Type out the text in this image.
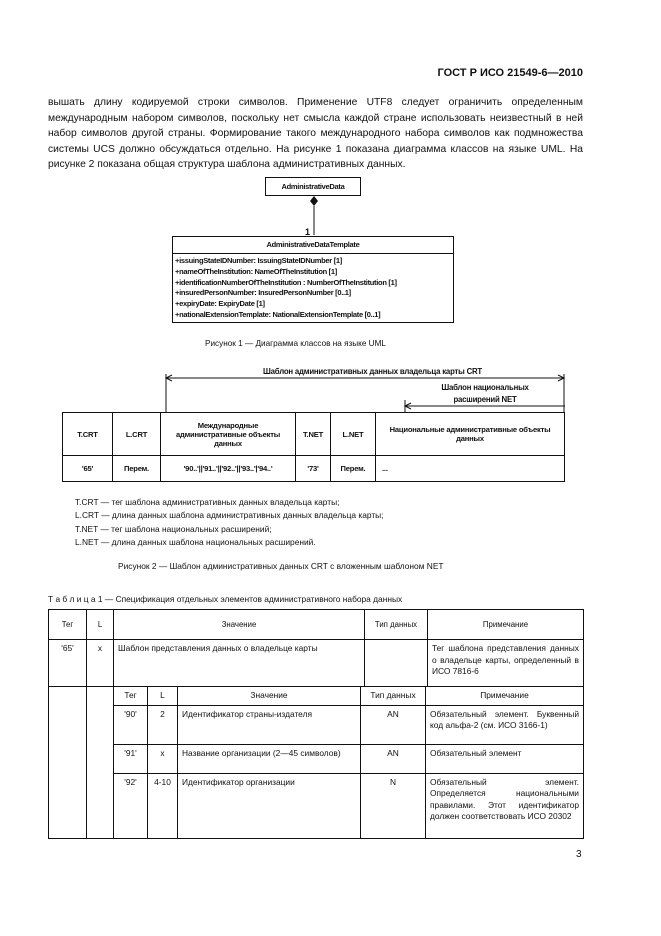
ГОСТ Р ИСО 21549-6—2010

вышать длину кодируемой строки символов. Применение UTF8 следует ограничить определенным международным набором символов, поскольку нет смысла каждой стране использовать неизвестный в ней набор символов другой страны. Формирование такого международного набора символов как подмножества системы UCS должно обсуждаться отдельно. На рисунке 1 показана диаграмма классов на языке UML. На рисунке 2 показана общая структура шаблона административных данных.

AdministrativeData
1
AdministrativeDataTemplate
+issuingStateIDNumber: IssuingStateIDNumber [1]
+nameOfTheInstitution: NameOfTheInstitution [1]
+identificationNumberOfTheInstitution : NumberOfTheInstitution [1]
+insuredPersonNumber: InsuredPersonNumber [0..1]
+expiryDate: ExpiryDate [1]
+nationalExtensionTemplate: NationalExtensionTemplate [0..1]
Рисунок 1 — Диаграмма классов на языке UML
Шаблон административных данных владельца карты CRT
Шаблон национальных
расширений NET
T.CRT	L.CRT	Международные административные объекты данных	T.NET	L.NET	Национальные административные объекты данных
'65'	Перем.	'90..'||'91..'||'92..'||'93..'|'94..'	'73'	Перем.	...
T.CRT — тег шаблона административных данных владельца карты;
L.CRT — длина данных шаблона административных данных владельца карты;
T.NET — тег шаблона национальных расширений;
L.NET — длина данных шаблона национальных расширений.
Рисунок 2 — Шаблон административных данных CRT с вложенным шаблоном NET
Т а б л и ц а 1 — Спецификация отдельных элементов административного набора данных
Тег	L	Значение	Тип данных	Примечание
'65'	x	Шаблон представления данных о владельце карты		Тег шаблона представления данных о владельце карты, определенный в ИСО 7816-6

Тег	L	Значение	Тип данных	Примечание
'90'	2	Идентификатор страны-издателя	AN	Обязательный элемент. Буквенный код альфа-2 (см. ИСО 3166-1)
'91'	x	Название организации (2—45 символов)	AN	Обязательный элемент
'92'	4-10	Идентификатор организации	N	Обязательный элемент. Определяется национальными правилами. Этот идентификатор должен соответствовать ИСО 20302
3
